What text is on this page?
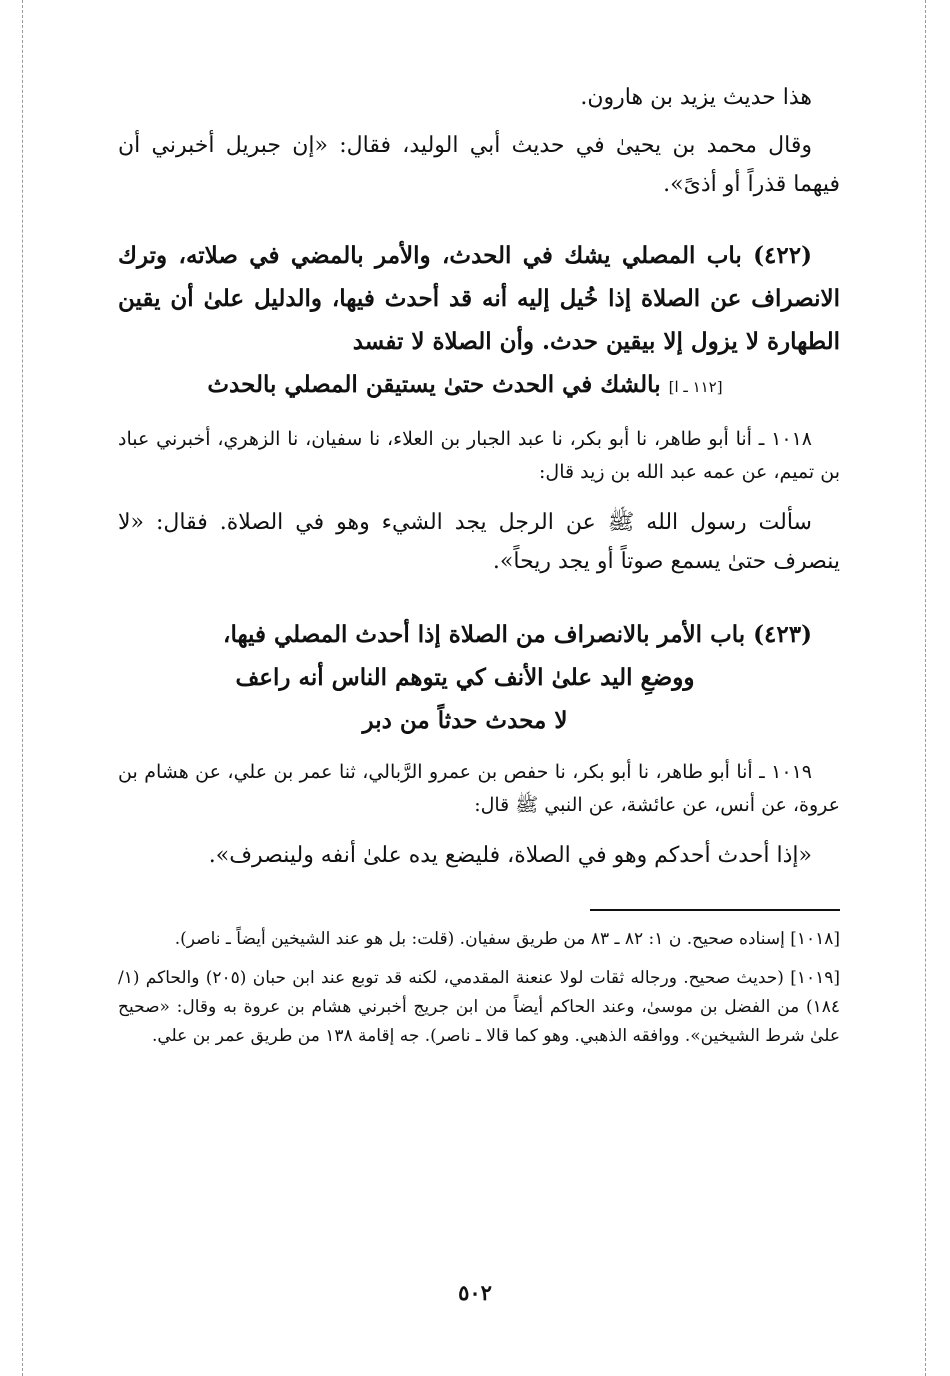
هذا حديث يزيد بن هارون.

وقال محمد بن يحيىٰ في حديث أبي الوليد، فقال: «إن جبريل أخبرني أن فيهما قذراً أو أذىً».

(٤٢٢) باب المصلي يشك في الحدث، والأمر بالمضي في صلاته، وترك الانصراف عن الصلاة إذا خُيل إليه أنه قد أحدث فيها، والدليل علىٰ أن يقين الطهارة لا يزول إلا بيقين حدث. وأن الصلاة لا تفسد
[١١٢ ـ ا] بالشك في الحدث حتىٰ يستيقن المصلي بالحدث

١٠١٨ ـ أنا أبو طاهر، نا أبو بكر، نا عبد الجبار بن العلاء، نا سفيان، نا الزهري، أخبرني عباد بن تميم، عن عمه عبد الله بن زيد قال:

سألت رسول الله ﷺ عن الرجل يجد الشيء وهو في الصلاة. فقال: «لا ينصرف حتىٰ يسمع صوتاً أو يجد ريحاً».

(٤٢٣) باب الأمر بالانصراف من الصلاة إذا أحدث المصلي فيها،
ووضعِ اليد علىٰ الأنف كي يتوهم الناس أنه راعف
لا محدث حدثاً من دبر

١٠١٩ ـ أنا أبو طاهر، نا أبو بكر، نا حفص بن عمرو الرَّبالي، ثنا عمر بن علي، عن هشام بن عروة، عن أنس، عن عائشة، عن النبي ﷺ قال:

«إذا أحدث أحدكم وهو في الصلاة، فليضع يده علىٰ أنفه ولينصرف».

[١٠١٨] إسناده صحيح. ن ١: ٨٢ ـ ٨٣ من طريق سفيان. (قلت: بل هو عند الشيخين أيضاً ـ ناصر).

[١٠١٩] (حديث صحيح. ورجاله ثقات لولا عنعنة المقدمي، لكنه قد توبع عند ابن حبان (٢٠٥) والحاكم (١/ ١٨٤) من الفضل بن موسىٰ، وعند الحاكم أيضاً من ابن جريج أخبرني هشام بن عروة به وقال: «صحيح علىٰ شرط الشيخين». ووافقه الذهبي. وهو كما قالا ـ ناصر). جه إقامة ١٣٨ من طريق عمر بن علي.

٥٠٢
